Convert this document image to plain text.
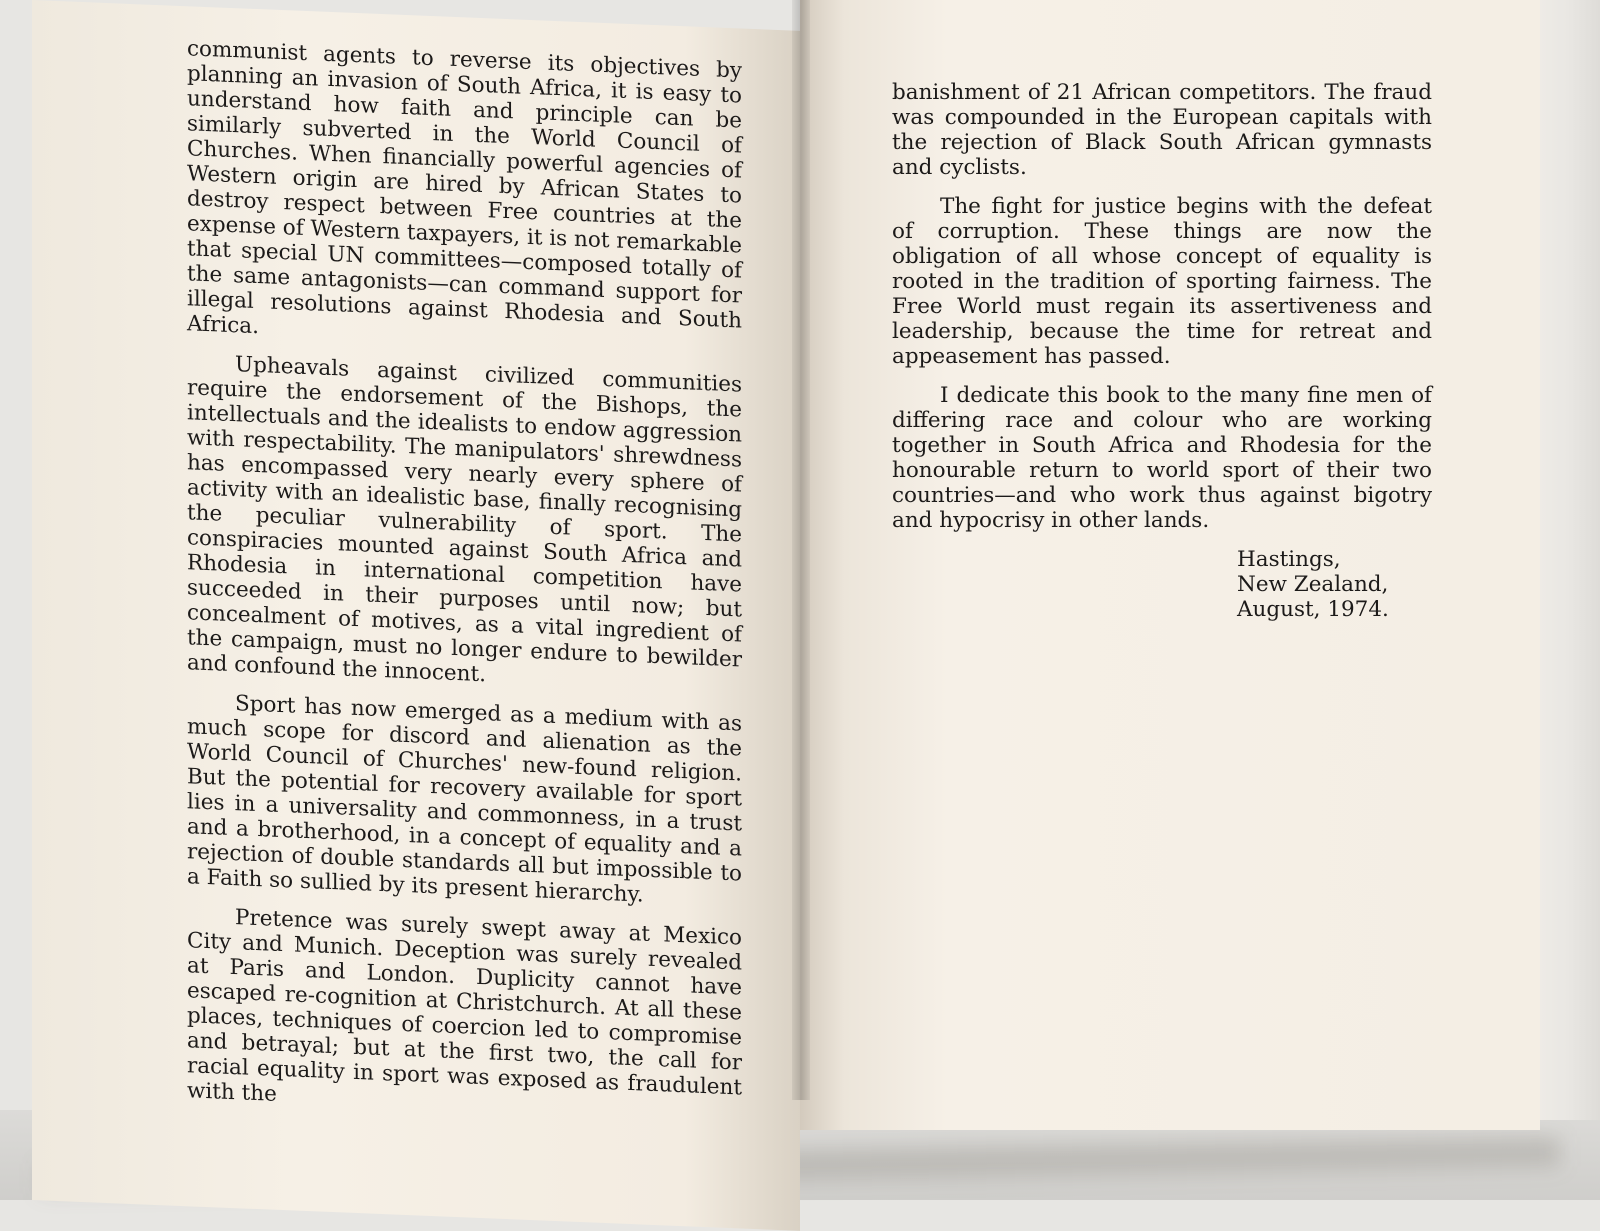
communist agents to reverse its objectives by planning an invasion of South Africa, it is easy to understand how faith and principle can be similarly subverted in the World Council of Churches. When financially powerful agencies of Western origin are hired by African States to destroy respect between Free countries at the expense of Western taxpayers, it is not remarkable that special UN committees—composed totally of the same antagonists—can command support for illegal resolutions against Rhodesia and South Africa.

Upheavals against civilized communities require the endorsement of the Bishops, the intellectuals and the idealists to endow aggression with respectability. The manipulators' shrewdness has encompassed very nearly every sphere of activity with an idealistic base, finally recognising the peculiar vulnerability of sport. The conspiracies mounted against South Africa and Rhodesia in international competition have succeeded in their purposes until now; but concealment of motives, as a vital ingredient of the campaign, must no longer endure to bewilder and confound the innocent.

Sport has now emerged as a medium with as much scope for discord and alienation as the World Council of Churches' new-found religion. But the potential for recovery available for sport lies in a universality and commonness, in a trust and a brotherhood, in a concept of equality and a rejection of double standards all but impossible to a Faith so sullied by its present hierarchy.

Pretence was surely swept away at Mexico City and Munich. Deception was surely revealed at Paris and London. Duplicity cannot have escaped re-cognition at Christchurch. At all these places, techniques of coercion led to compromise and betrayal; but at the first two, the call for racial equality in sport was exposed as fraudulent with the

banishment of 21 African competitors. The fraud was compounded in the European capitals with the rejection of Black South African gymnasts and cyclists.

The fight for justice begins with the defeat of corruption. These things are now the obligation of all whose concept of equality is rooted in the tradition of sporting fairness. The Free World must regain its assertiveness and leadership, because the time for retreat and appeasement has passed.

I dedicate this book to the many fine men of differing race and colour who are working together in South Africa and Rhodesia for the honourable return to world sport of their two countries—and who work thus against bigotry and hypocrisy in other lands.

Hastings,
New Zealand,
August, 1974.
